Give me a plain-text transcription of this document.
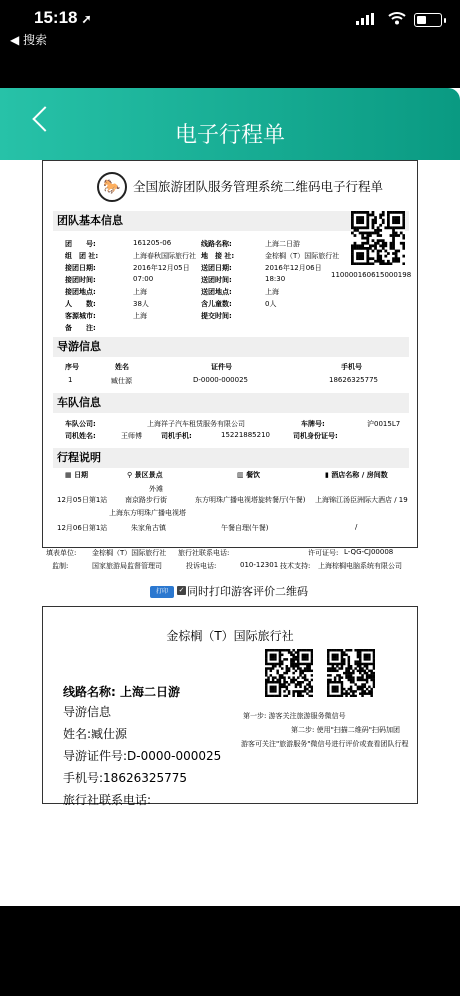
15:18 ➚
◀ 搜索
电子行程单
🐎 全国旅游团队服务管理系统二维码电子行程单
团队基本信息
团　　号:	161205-06	线路名称:	上海二日游
组　团 社:	上海春秋国际旅行社 地　接 社:	金棕榈（T）国际旅行社
接团日期:	2016年12月05日 送团日期:	2016年12月06日
接团时间:	07:00	送团时间:	18:30
接团地点:	上海	送团地点:	上海
人　　数:	38人	含儿童数:	0人
客源城市:	上海	提交时间:
备　　注:
110000160615000198
导游信息
序号	姓名	证件号	手机号
1	臧仕源	D-0000-000025	18626325775
车队信息
车队公司:	上海祥子汽车租赁服务有限公司	车牌号:	沪0015L7
司机姓名:	王师傅	司机手机:	15221885210	司机身份证号:
行程说明
▦ 日期	⚲ 景区景点	▥ 餐饮	▮ 酒店名称 / 房间数
外滩
12月05日第1站	南京路步行街	东方明珠广播电视塔旋转餐厅(午餐) 上海锦江汤臣洲际大酒店 / 19
上海东方明珠广播电视塔
12月06日第1站	朱家角古镇	午餐自理(午餐)	/
填表单位: 金棕榈（T）国际旅行社 旅行社联系电话:	许可证号: L-QG-CJ00008
监制:	国家旅游局监督管理司	投诉电话:	010-12301 技术支持: 上海棕榈电脑系统有限公司
打印	✓ 同时打印游客评价二维码
金棕榈（T）国际旅行社
线路名称: 上海二日游
导游信息
姓名:臧仕源
导游证件号:D-0000-000025
手机号:18626325775
旅行社联系电话:
第一步: 游客关注旅游服务微信号
第二步: 使用"扫描二维码"扫码加团
游客可关注"旅游服务"微信号进行评价或查看团队行程
